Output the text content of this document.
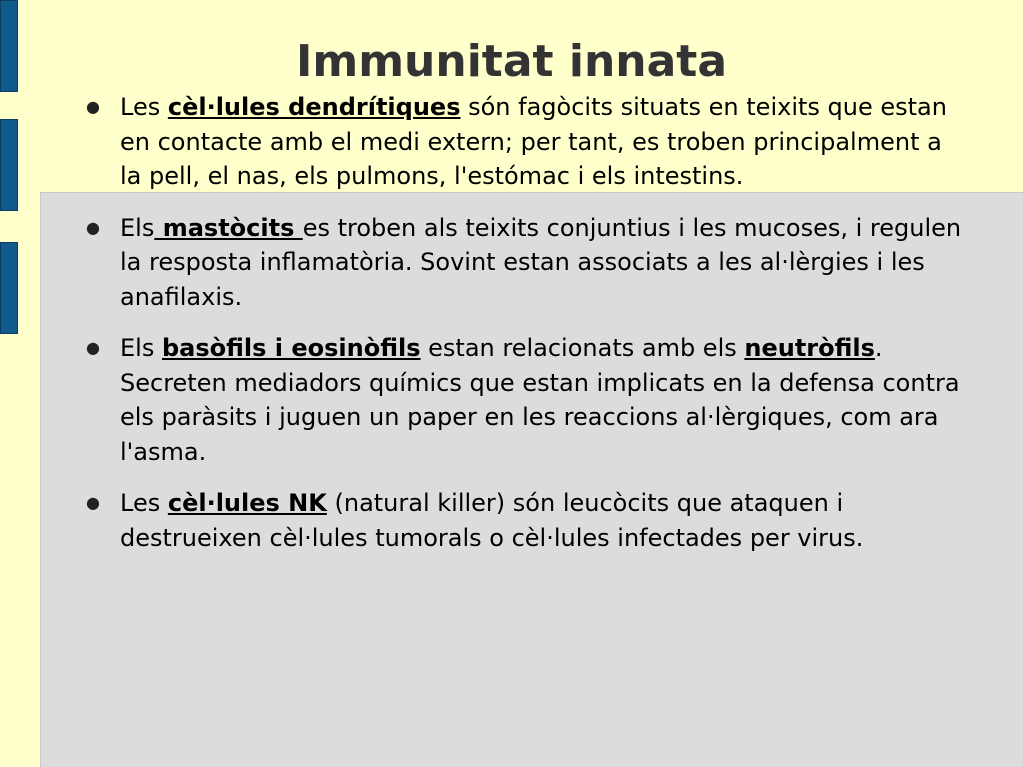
Immunitat innata
● Les cèl·lules dendrítiques són fagòcits situats en teixits que estan en contacte amb el medi extern; per tant, es troben principalment a la pell, el nas, els pulmons, l'estómac i els intestins.
● Els mastòcits es troben als teixits conjuntius i les mucoses, i regulen la resposta inflamatòria. Sovint estan associats a les al·lèrgies i les anafilaxis.
● Els basòfils i eosinòfils estan relacionats amb els neutròfils. Secreten mediadors químics que estan implicats en la defensa contra els paràsits i juguen un paper en les reaccions al·lèrgiques, com ara l'asma.
● Les cèl·lules NK (natural killer) són leucòcits que ataquen i destrueixen cèl·lules tumorals o cèl·lules infectades per virus.
